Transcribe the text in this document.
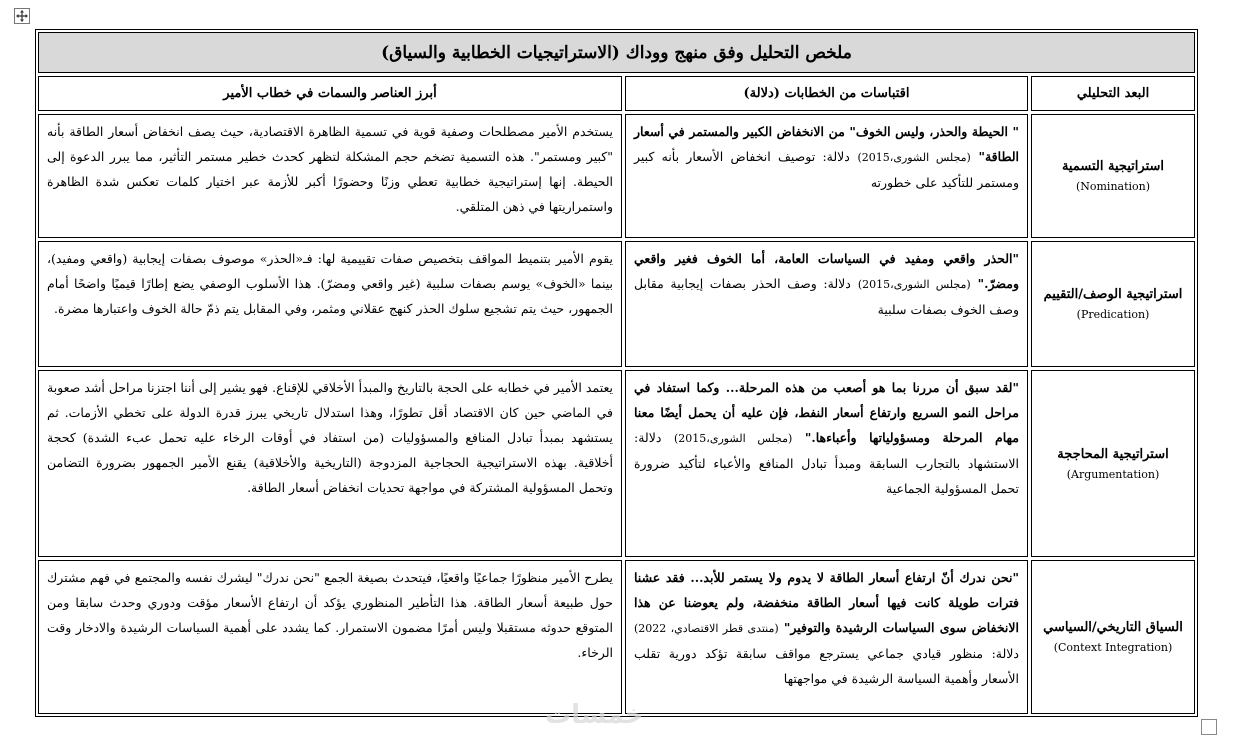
ملخص التحليل وفق منهج ووداك (الاستراتيجيات الخطابية والسياق)
البعد التحليلي
اقتباسات من الخطابات (دلالة)
أبرز العناصر والسمات في خطاب الأمير
استراتيجية التسمية
(Nomination)
" الحيطة والحذر، وليس الخوف" من الانخفاض الكبير والمستمر في أسعار الطاقة" (مجلس الشورى،2015) دلالة: توصيف انخفاض الأسعار بأنه كبير ومستمر للتأكيد على خطورته
يستخدم الأمير مصطلحات وصفية قوية في تسمية الظاهرة الاقتصادية، حيث يصف انخفاض أسعار الطاقة بأنه "كبير ومستمر". هذه التسمية تضخم حجم المشكلة لتظهر كحدث خطير مستمر التأثير، مما يبرر الدعوة إلى الحيطة. إنها إستراتيجية خطابية تعطي وزنًا وحضورًا أكبر للأزمة عبر اختيار كلمات تعكس شدة الظاهرة واستمراريتها في ذهن المتلقي.
استراتيجية الوصف/التقييم
(Predication)
"الحذر واقعي ومفيد في السياسات العامة، أما الخوف فغير واقعي ومضرّ." (مجلس الشورى،2015) دلالة: وصف الحذر بصفات إيجابية مقابل وصف الخوف بصفات سلبية
يقوم الأمير بتنميط المواقف بتخصيص صفات تقييمية لها: فـ«الحذر» موصوف بصفات إيجابية (واقعي ومفيد)، بينما «الخوف» يوسم بصفات سلبية (غير واقعي ومضرّ). هذا الأسلوب الوصفي يضع إطارًا قيميًا واضحًا أمام الجمهور، حيث يتم تشجيع سلوك الحذر كنهج عقلاني ومثمر، وفي المقابل يتم ذمّ حالة الخوف واعتبارها مضرة.
استراتيجية المحاججة
(Argumentation)
"لقد سبق أن مررنا بما هو أصعب من هذه المرحلة... وكما استفاد في مراحل النمو السريع وارتفاع أسعار النفط، فإن عليه أن يحمل أيضًا معنا مهام المرحلة ومسؤولياتها وأعباءها." (مجلس الشورى،2015) دلالة: الاستشهاد بالتجارب السابقة ومبدأ تبادل المنافع والأعباء لتأكيد ضرورة تحمل المسؤولية الجماعية
يعتمد الأمير في خطابه على الحجة بالتاريخ والمبدأ الأخلاقي للإقناع. فهو يشير إلى أننا اجتزنا مراحل أشد صعوبة في الماضي حين كان الاقتصاد أقل تطورًا، وهذا استدلال تاريخي يبرز قدرة الدولة على تخطي الأزمات. ثم يستشهد بمبدأ تبادل المنافع والمسؤوليات (من استفاد في أوقات الرخاء عليه تحمل عبء الشدة) كحجة أخلاقية. بهذه الاستراتيجية الحجاجية المزدوجة (التاريخية والأخلاقية) يقنع الأمير الجمهور بضرورة التضامن وتحمل المسؤولية المشتركة في مواجهة تحديات انخفاض أسعار الطاقة.
السياق التاريخي/السياسي
(Context Integration)
"نحن ندرك أنّ ارتفاع أسعار الطاقة لا يدوم ولا يستمر للأبد... فقد عشنا فترات طويلة كانت فيها أسعار الطاقة منخفضة، ولم يعوضنا عن هذا الانخفاض سوى السياسات الرشيدة والتوفير" (منتدى قطر الاقتصادي، 2022) دلالة: منظور قيادي جماعي يسترجع مواقف سابقة تؤكد دورية تقلب الأسعار وأهمية السياسة الرشيدة في مواجهتها
يطرح الأمير منظورًا جماعيًا واقعيًا، فيتحدث بصيغة الجمع "نحن ندرك" ليشرك نفسه والمجتمع في فهم مشترك حول طبيعة أسعار الطاقة. هذا التأطير المنظوري يؤكد أن ارتفاع الأسعار مؤقت ودوري وحدث سابقا ومن المتوقع حدوثه مستقبلا وليس أمرًا مضمون الاستمرار. كما يشدد على أهمية السياسات الرشيدة والادخار وقت الرخاء.
خمسات
